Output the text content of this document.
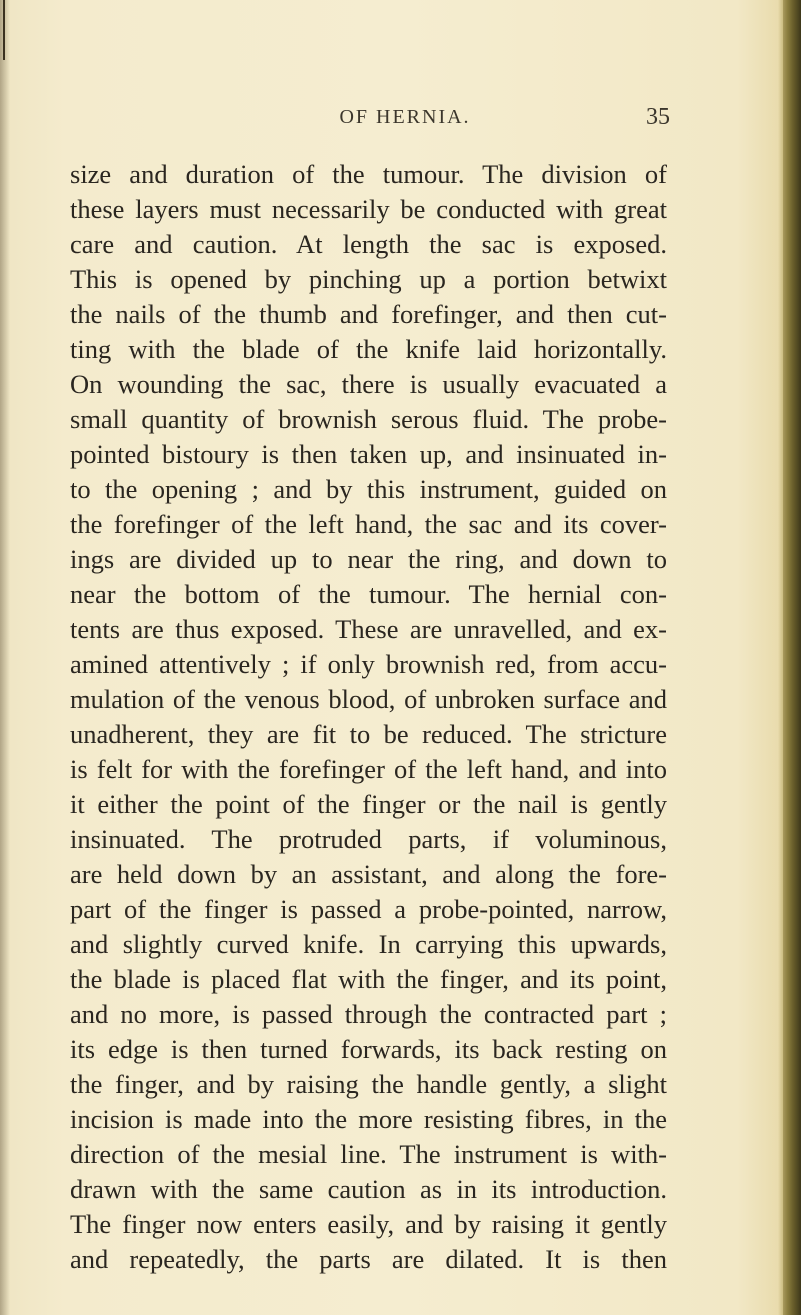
OF HERNIA.	35

size and duration of the tumour. The division of
these layers must necessarily be conducted with great
care and caution. At length the sac is exposed.
This is opened by pinching up a portion betwixt
the nails of the thumb and forefinger, and then cut-
ting with the blade of the knife laid horizontally.
On wounding the sac, there is usually evacuated a
small quantity of brownish serous fluid. The probe-
pointed bistoury is then taken up, and insinuated in-
to the opening ; and by this instrument, guided on
the forefinger of the left hand, the sac and its cover-
ings are divided up to near the ring, and down to
near the bottom of the tumour. The hernial con-
tents are thus exposed. These are unravelled, and ex-
amined attentively ; if only brownish red, from accu-
mulation of the venous blood, of unbroken surface and
unadherent, they are fit to be reduced. The stricture
is felt for with the forefinger of the left hand, and into
it either the point of the finger or the nail is gently
insinuated. The protruded parts, if voluminous,
are held down by an assistant, and along the fore-
part of the finger is passed a probe-pointed, narrow,
and slightly curved knife. In carrying this upwards,
the blade is placed flat with the finger, and its point,
and no more, is passed through the contracted part ;
its edge is then turned forwards, its back resting on
the finger, and by raising the handle gently, a slight
incision is made into the more resisting fibres, in the
direction of the mesial line. The instrument is with-
drawn with the same caution as in its introduction.
The finger now enters easily, and by raising it gently
and repeatedly, the parts are dilated. It is then
